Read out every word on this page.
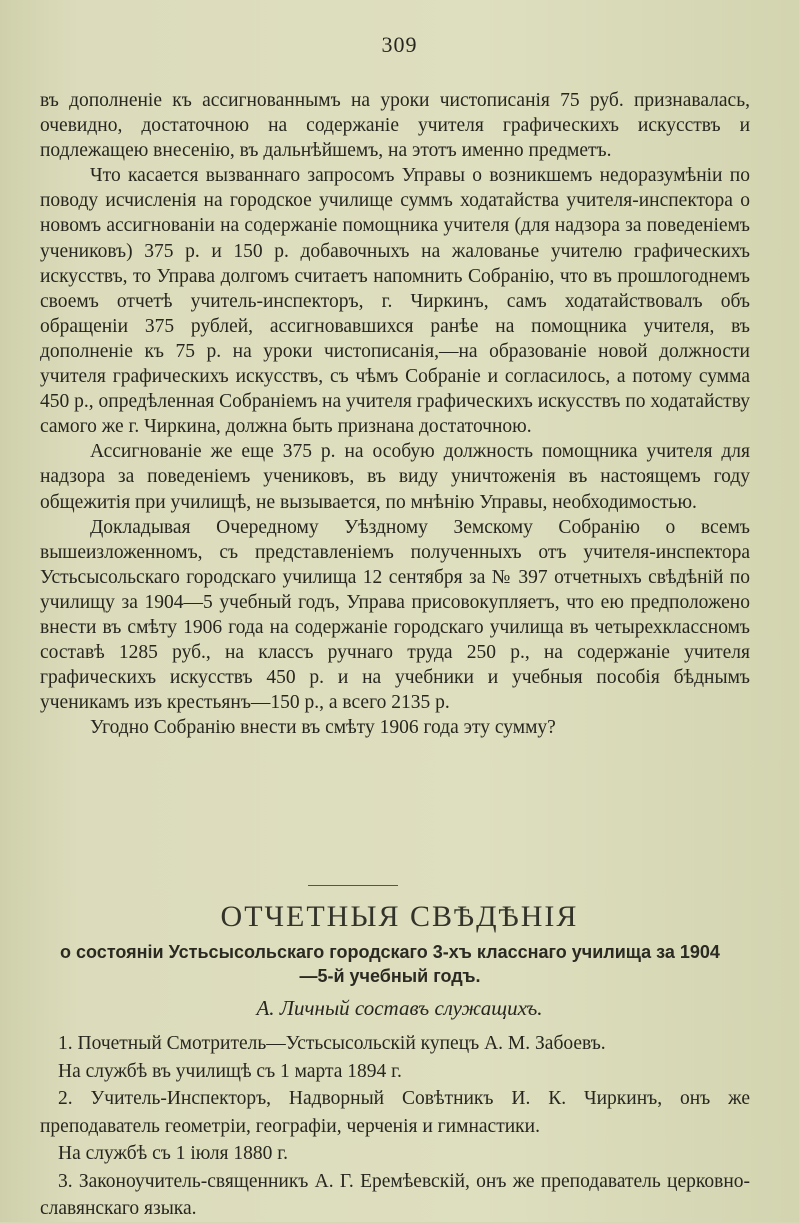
309

въ дополненіе къ ассигнованнымъ на уроки чистописанія 75 руб. признавалась, очевидно, достаточною на содержаніе учителя графическихъ искусствъ и подлежащею внесенію, въ дальнѣйшемъ, на этотъ именно предметъ.

Что касается вызваннаго запросомъ Управы о возникшемъ недоразумѣніи по поводу исчисленія на городское училище суммъ ходатайства учителя-инспектора о новомъ ассигнованіи на содержаніе помощника учителя (для надзора за поведеніемъ учениковъ) 375 р. и 150 р. добавочныхъ на жалованье учителю графическихъ искусствъ, то Управа долгомъ считаетъ напомнить Собранію, что въ прошлогоднемъ своемъ отчетѣ учитель-инспекторъ, г. Чиркинъ, самъ ходатайствовалъ объ обращеніи 375 рублей, ассигновавшихся ранѣе на помощника учителя, въ дополненіе къ 75 р. на уроки чистописанія,—на образованіе новой должности учителя графическихъ искусствъ, съ чѣмъ Собраніе и согласилось, а потому сумма 450 р., опредѣленная Собраніемъ на учителя графическихъ искусствъ по ходатайству самого же г. Чиркина, должна быть признана достаточною.

Ассигнованіе же еще 375 р. на особую должность помощника учителя для надзора за поведеніемъ учениковъ, въ виду уничтоженія въ настоящемъ году общежитія при училищѣ, не вызывается, по мнѣнію Управы, необходимостью.

Докладывая Очередному Уѣздному Земскому Собранію о всемъ вышеизложенномъ, съ представленіемъ полученныхъ отъ учителя-инспектора Устьсысольскаго городскаго училища 12 сентября за № 397 отчетныхъ свѣдѣній по училищу за 1904—5 учебный годъ, Управа присовокупляетъ, что ею предположено внести въ смѣту 1906 года на содержаніе городскаго училища въ четырехклассномъ составѣ 1285 руб., на классъ ручнаго труда 250 р., на содержаніе учителя графическихъ искусствъ 450 р. и на учебники и учебныя пособія бѣднымъ ученикамъ изъ крестьянъ—150 р., а всего 2135 р.

Угодно Собранію внести въ смѣту 1906 года эту сумму?

ОТЧЕТНЫЯ СВѢДѢНІЯ
о состояніи Устьсысольскаго городскаго 3-хъ класснаго училища за 1904—5-й учебный годъ.
А. Личный составъ служащихъ.

1. Почетный Смотритель—Устьсысольскій купецъ А. М. Забоевъ.

На службѣ въ училищѣ съ 1 марта 1894 г.

2. Учитель-Инспекторъ, Надворный Совѣтникъ И. К. Чиркинъ, онъ же преподаватель геометріи, географіи, черченія и гимнастики.

На службѣ съ 1 іюля 1880 г.

3. Законоучитель-священникъ А. Г. Еремѣевскій, онъ же преподаватель церковно-славянскаго языка.
